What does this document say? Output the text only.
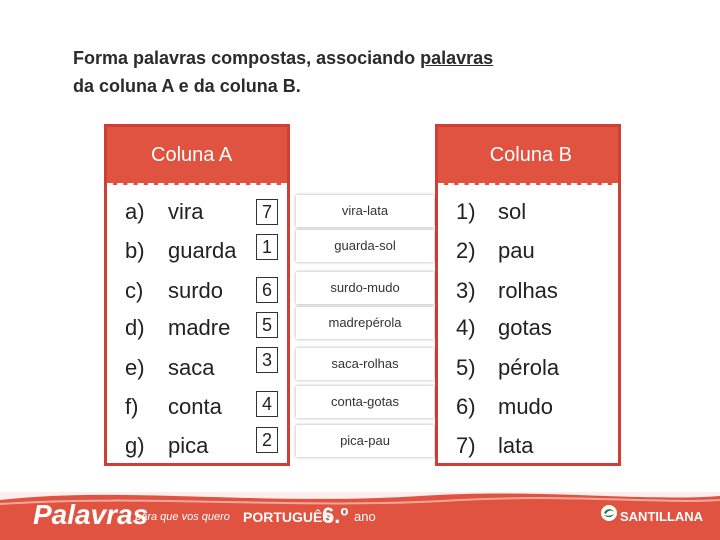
Forma palavras compostas, associando palavras
da coluna A e da coluna B.
Coluna A	Coluna B
a)	vira	7	vira-lata	1)	sol
b)	guarda	1	guarda-sol	2)	pau
c)	surdo	6	surdo-mudo	3)	rolhas
d)	madre	5	madrepérola	4)	gotas
e)	saca	3	saca-rolhas	5)	pérola
f)	conta	4	conta-gotas	6)	mudo
g)	pica	2	pica-pau	7)	lata
Palavras
, para que vos quero PORTUGUÊS
6.º ano	SANTILLANA
